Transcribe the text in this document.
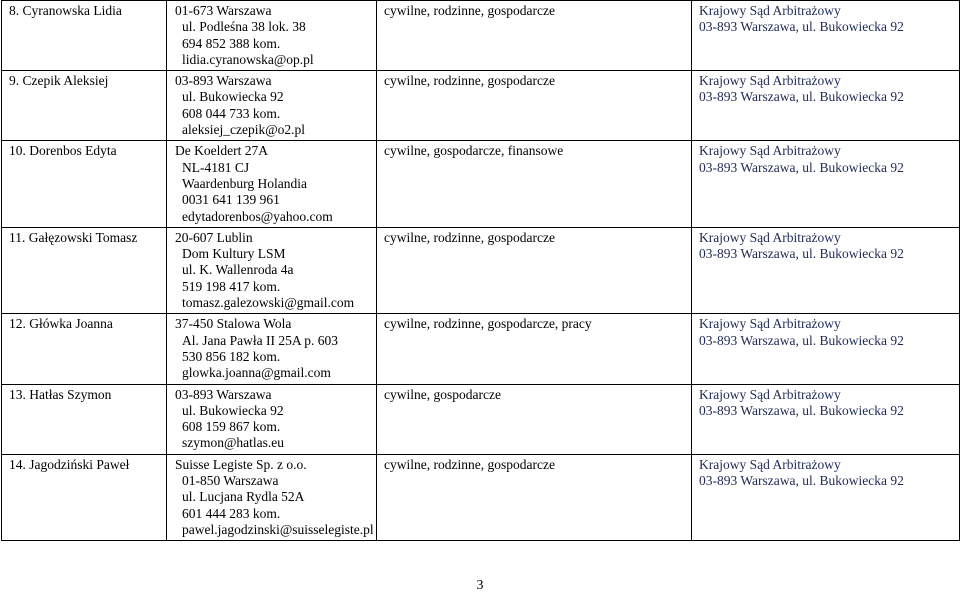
8. Cyranowska Lidia	01-673 Warszawa
ul. Podleśna 38 lok. 38
694 852 388 kom.
lidia.cyranowska@op.pl	cywilne, rodzinne, gospodarcze	Krajowy Sąd Arbitrażowy
03-893 Warszawa, ul. Bukowiecka 92

9. Czepik Aleksiej	03-893 Warszawa
ul. Bukowiecka 92
608 044 733 kom.
aleksiej_czepik@o2.pl	cywilne, rodzinne, gospodarcze	Krajowy Sąd Arbitrażowy
03-893 Warszawa, ul. Bukowiecka 92

10. Dorenbos Edyta	De Koeldert 27A
NL-4181 CJ
Waardenburg Holandia
0031 641 139 961
edytadorenbos@yahoo.com	cywilne, gospodarcze, finansowe	Krajowy Sąd Arbitrażowy
03-893 Warszawa, ul. Bukowiecka 92

11. Gałęzowski Tomasz	20-607 Lublin
Dom Kultury LSM
ul. K. Wallenroda 4a
519 198 417 kom.
tomasz.galezowski@gmail.com	cywilne, rodzinne, gospodarcze	Krajowy Sąd Arbitrażowy
03-893 Warszawa, ul. Bukowiecka 92

12. Główka Joanna	37-450 Stalowa Wola
Al. Jana Pawła II 25A p. 603
530 856 182 kom.
glowka.joanna@gmail.com	cywilne, rodzinne, gospodarcze, pracy	Krajowy Sąd Arbitrażowy
03-893 Warszawa, ul. Bukowiecka 92

13. Hatłas Szymon	03-893 Warszawa
ul. Bukowiecka 92
608 159 867 kom.
szymon@hatlas.eu	cywilne, gospodarcze	Krajowy Sąd Arbitrażowy
03-893 Warszawa, ul. Bukowiecka 92

14. Jagodziński Paweł	Suisse Legiste Sp. z o.o.
01-850 Warszawa
ul. Lucjana Rydla 52A
601 444 283 kom.
pawel.jagodzinski@suisselegiste.pl	cywilne, rodzinne, gospodarcze	Krajowy Sąd Arbitrażowy
03-893 Warszawa, ul. Bukowiecka 92
3
